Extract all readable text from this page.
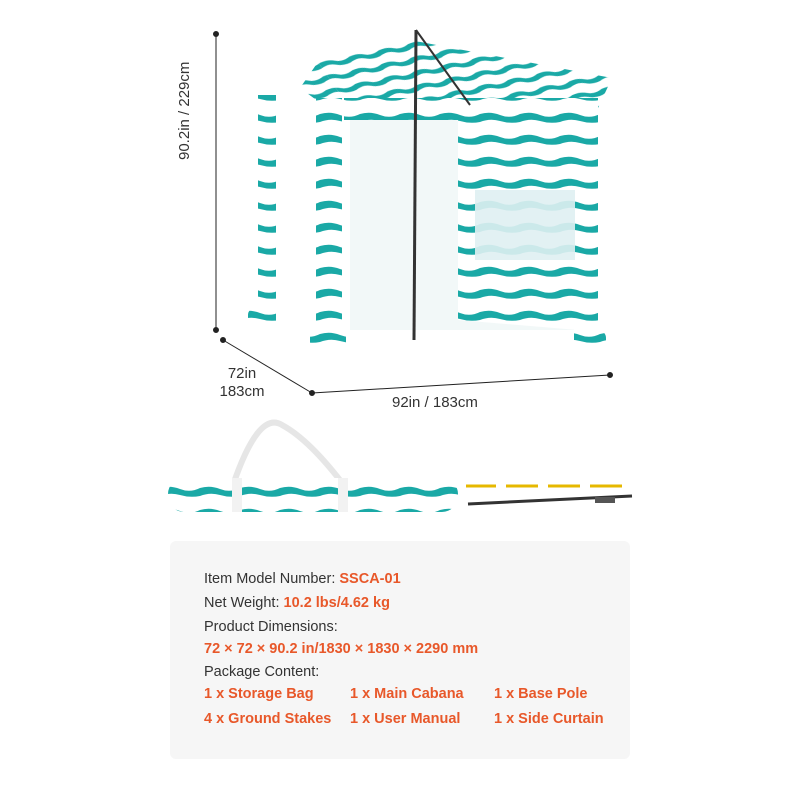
90.2in / 229cm
72in
183cm
92in / 183cm
Item Model Number: SSCA-01
Net Weight: 10.2 lbs/4.62 kg
Product Dimensions:
72 × 72 × 90.2 in/1830 × 1830 × 2290 mm
Package Content:
1 x Storage Bag	1 x Main Cabana 1 x Base Pole
4 x Ground Stakes 1 x User Manual 1 x Side Curtain
